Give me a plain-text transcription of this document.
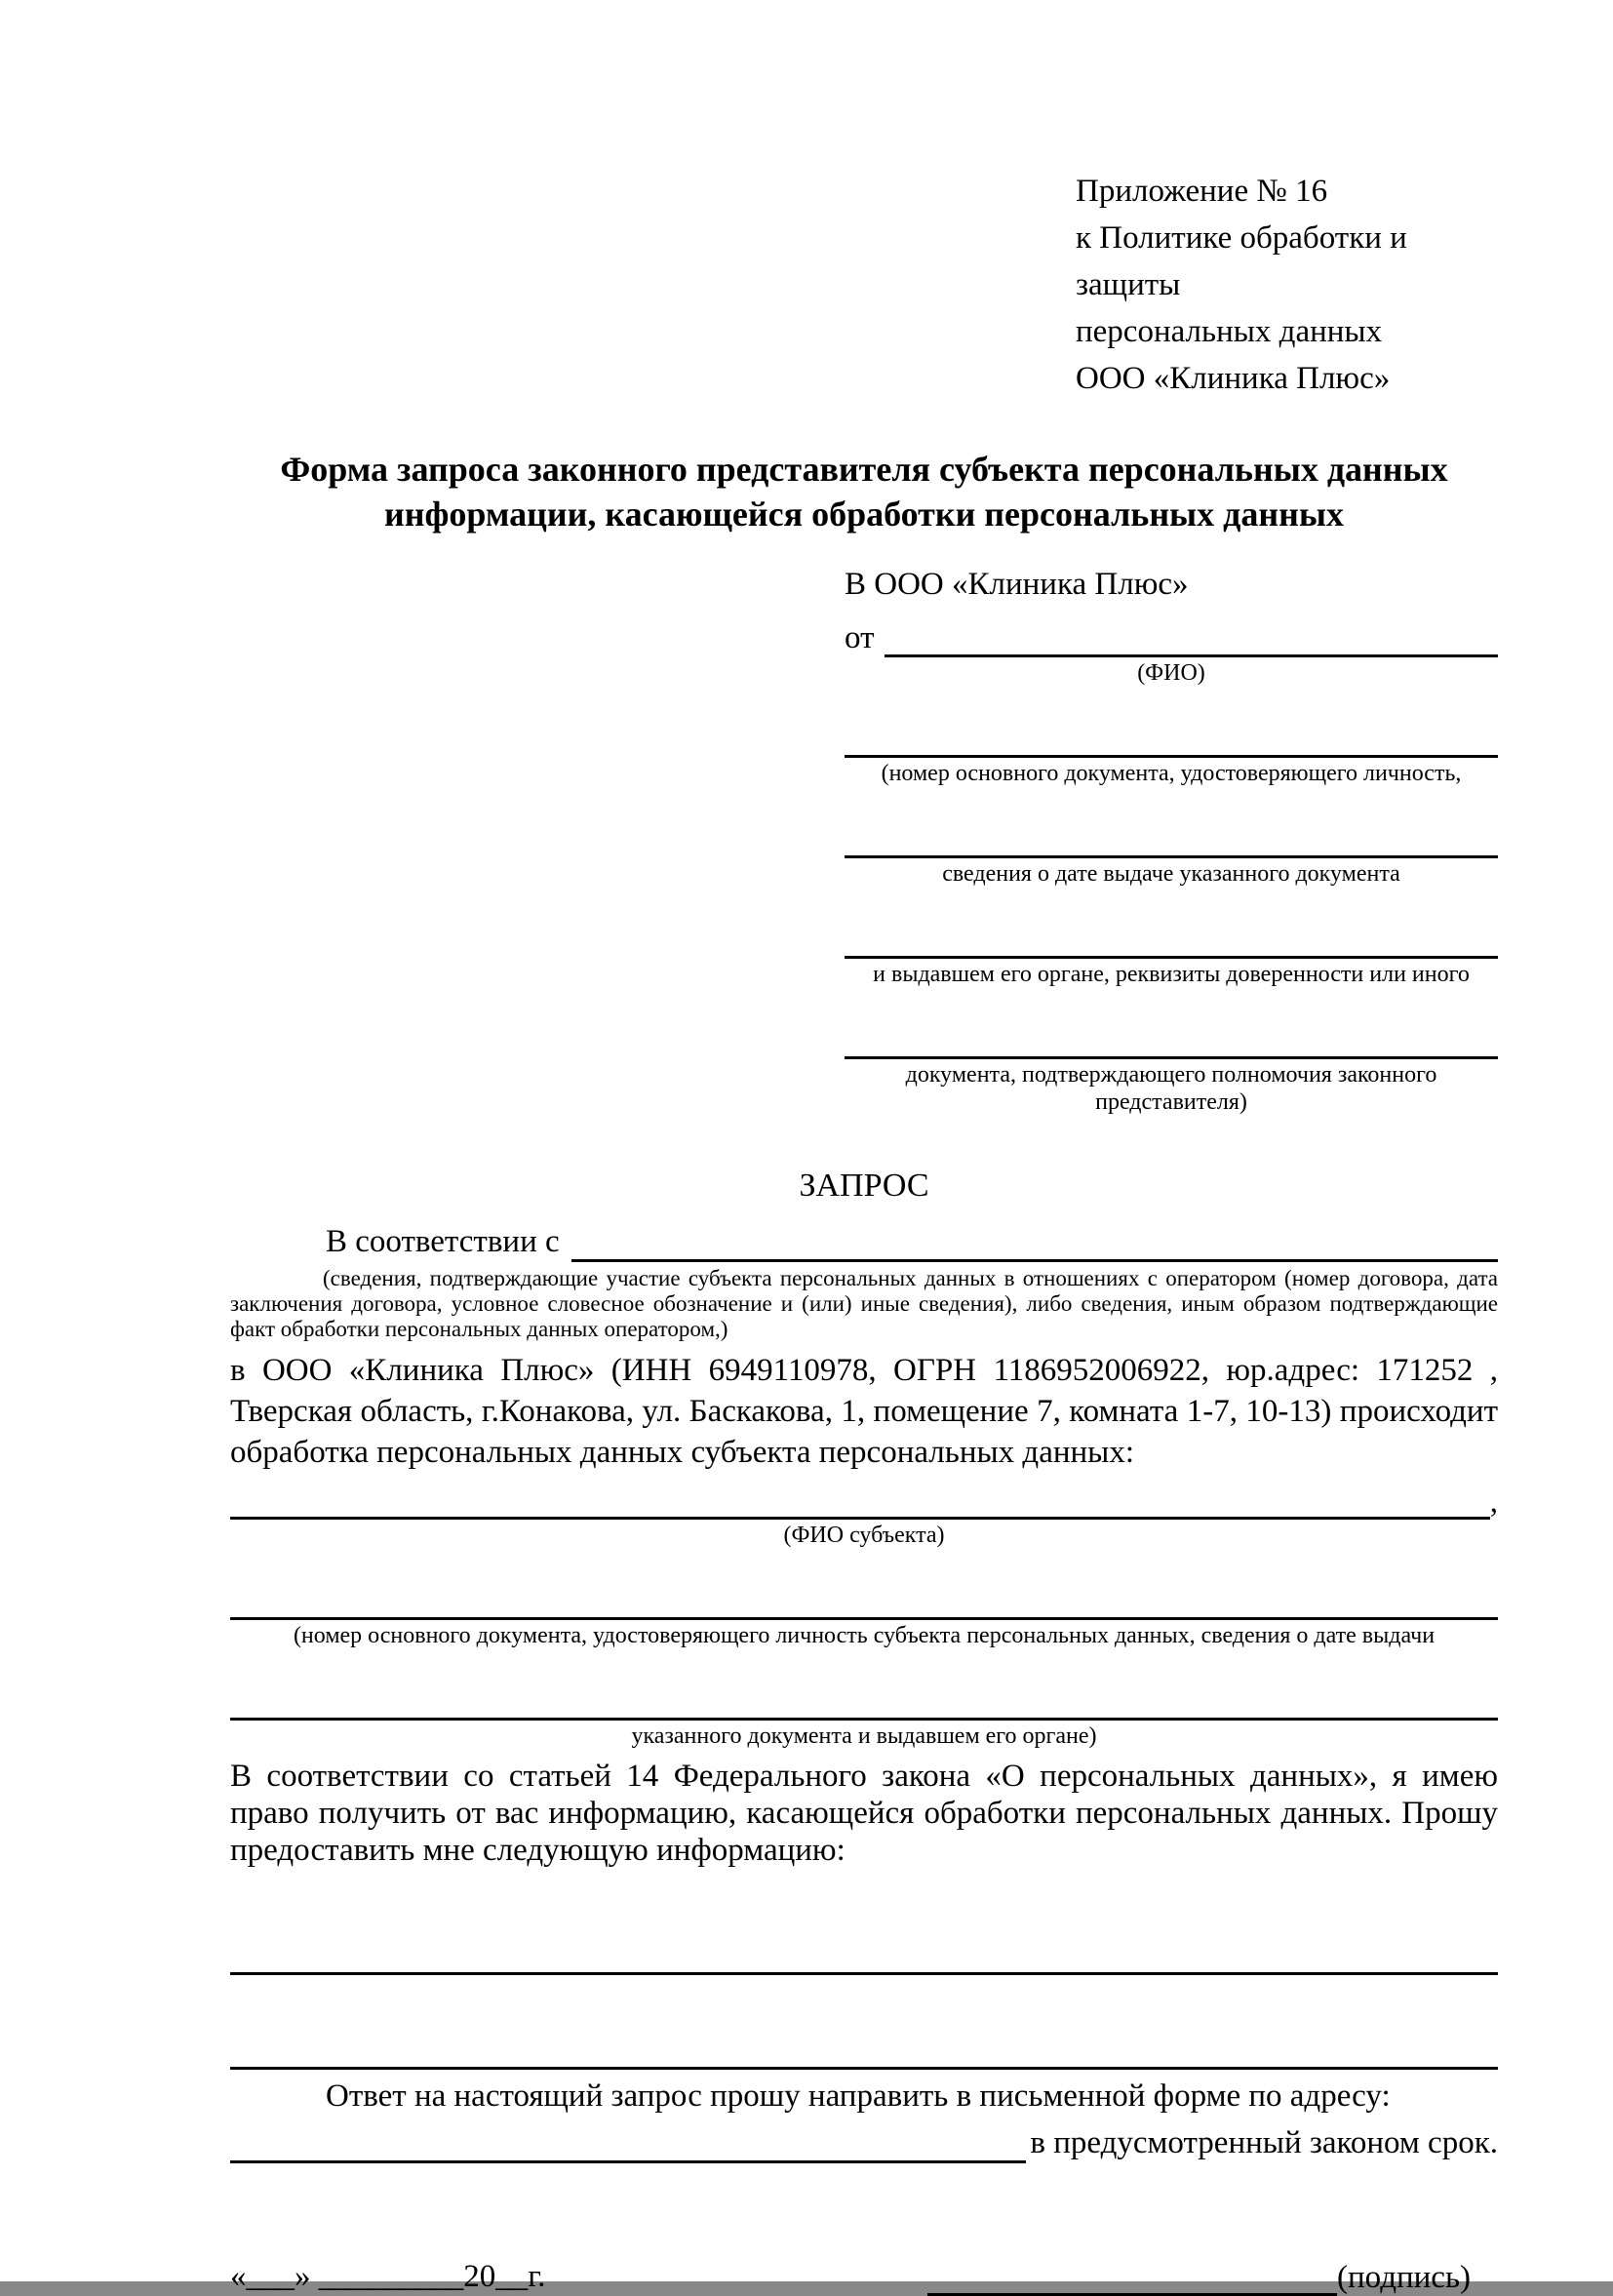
Приложение № 16
к Политике обработки и защиты
персональных данных
ООО «Клиника Плюс»
Форма запроса законного представителя субъекта персональных данных
информации, касающейся обработки персональных данных
В ООО «Клиника Плюс»
от
(ФИО)
(номер основного документа, удостоверяющего личность,
сведения о дате выдаче указанного документа
и выдавшем его органе, реквизиты доверенности или иного
документа, подтверждающего полномочия законного представителя)
ЗАПРОС
В соответствии с

(сведения, подтверждающие участие субъекта персональных данных в отношениях с оператором (номер договора, дата заключения договора, условное словесное обозначение и (или) иные сведения), либо сведения, иным образом подтверждающие факт обработки персональных данных оператором,)

в ООО «Клиника Плюс» (ИНН 6949110978, ОГРН 1186952006922, юр.адрес: 171252 , Тверская область, г.Конакова, ул. Баскакова, 1, помещение 7, комната 1-7, 10-13) происходит обработка персональных данных субъекта персональных данных:

,
(ФИО субъекта)
(номер основного документа, удостоверяющего личность субъекта персональных данных, сведения о дате выдачи
указанного документа и выдавшем его органе)

В соответствии со статьей 14 Федерального закона «О персональных данных», я имею право получить от вас информацию, касающейся обработки персональных данных. Прошу предоставить мне следующую информацию:

Ответ на настоящий запрос прошу направить в письменной форме по адресу:

в предусмотренный законом срок.
«___» _________20__г.	(подпись)
